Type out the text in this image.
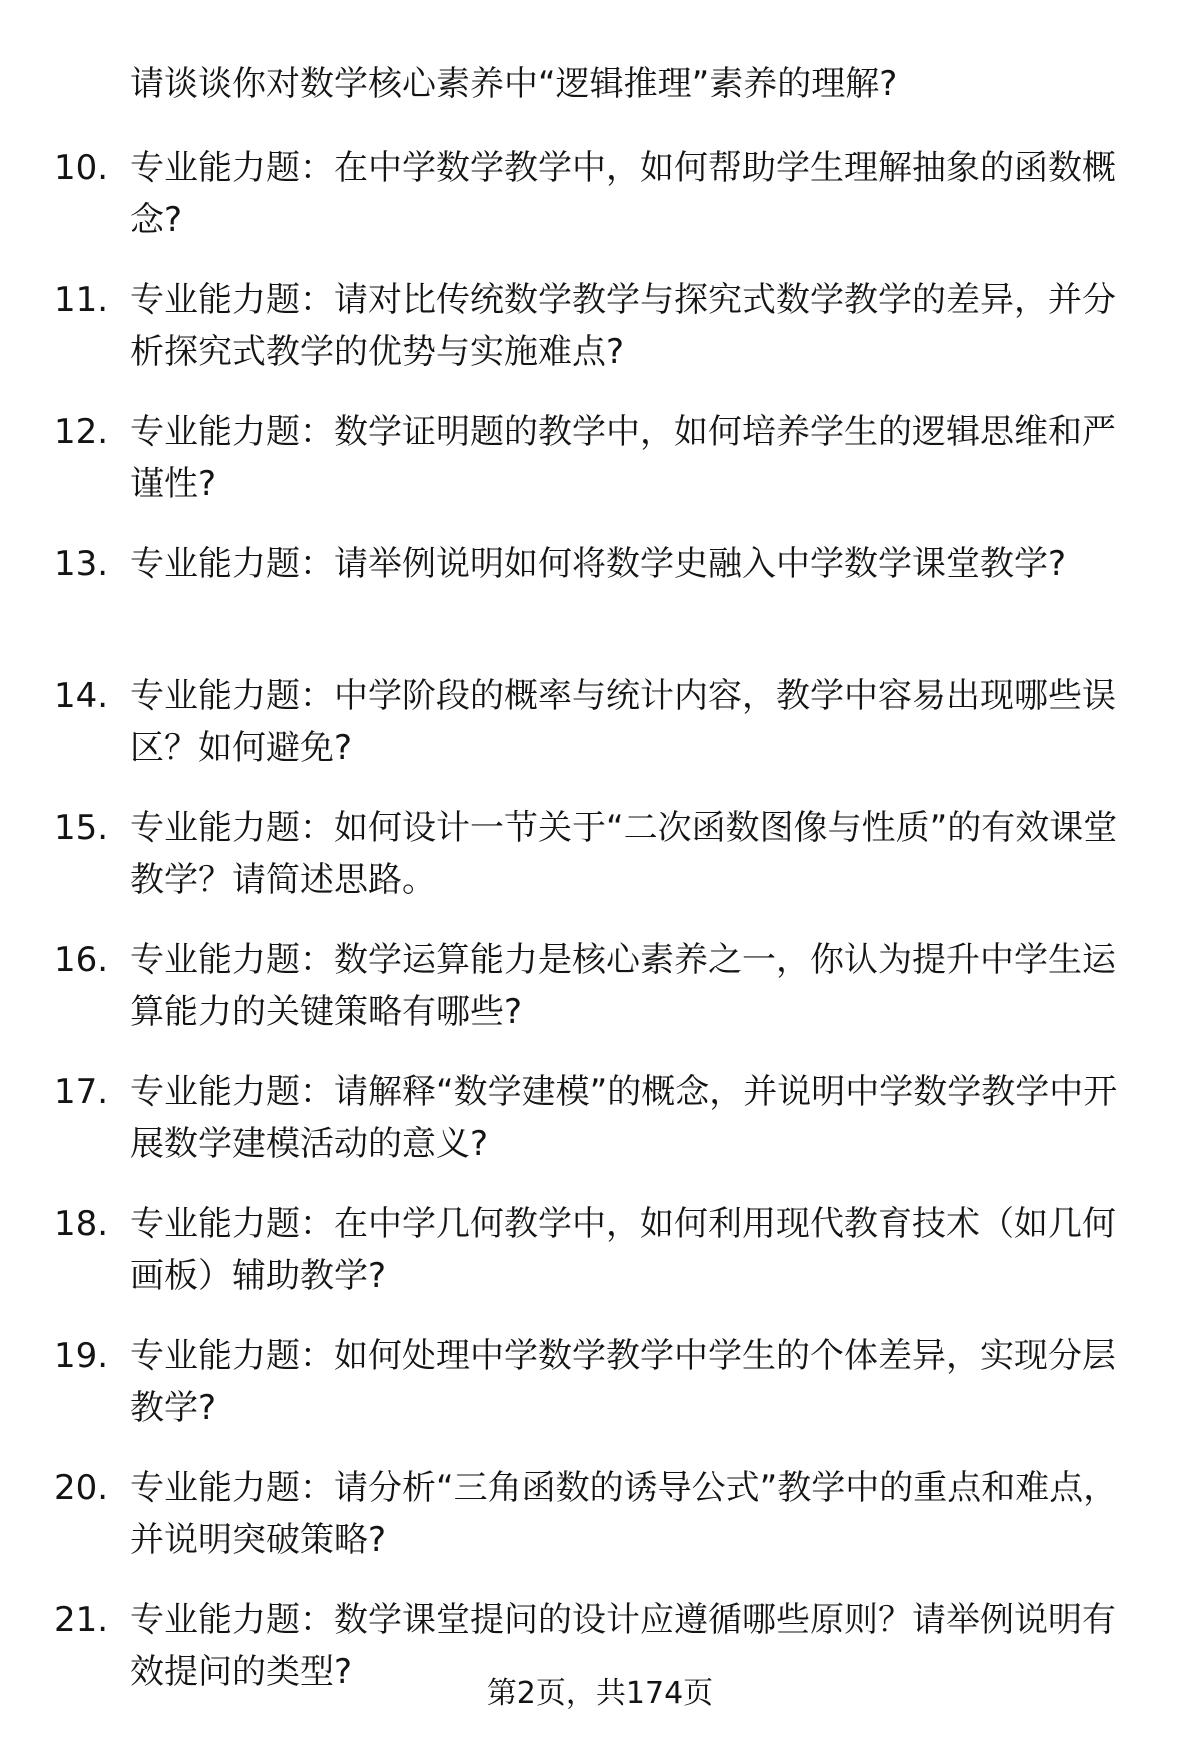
请谈谈你对数学核心素养中“逻辑推理”素养的理解?
10. 专业能力题：在中学数学教学中，如何帮助学生理解抽象的函数概念?
11. 专业能力题：请对比传统数学教学与探究式数学教学的差异，并分析探究式教学的优势与实施难点?
12. 专业能力题：数学证明题的教学中，如何培养学生的逻辑思维和严谨性?
13. 专业能力题：请举例说明如何将数学史融入中学数学课堂教学?
14. 专业能力题：中学阶段的概率与统计内容，教学中容易出现哪些误区？如何避免?
15. 专业能力题：如何设计一节关于“二次函数图像与性质”的有效课堂教学？请简述思路。
16. 专业能力题：数学运算能力是核心素养之一，你认为提升中学生运算能力的关键策略有哪些?
17. 专业能力题：请解释“数学建模”的概念，并说明中学数学教学中开展数学建模活动的意义?
18. 专业能力题：在中学几何教学中，如何利用现代教育技术（如几何画板）辅助教学?
19. 专业能力题：如何处理中学数学教学中学生的个体差异，实现分层教学?
20. 专业能力题：请分析“三角函数的诱导公式”教学中的重点和难点，并说明突破策略?
21. 专业能力题：数学课堂提问的设计应遵循哪些原则？请举例说明有效提问的类型?
第2页，共174页
